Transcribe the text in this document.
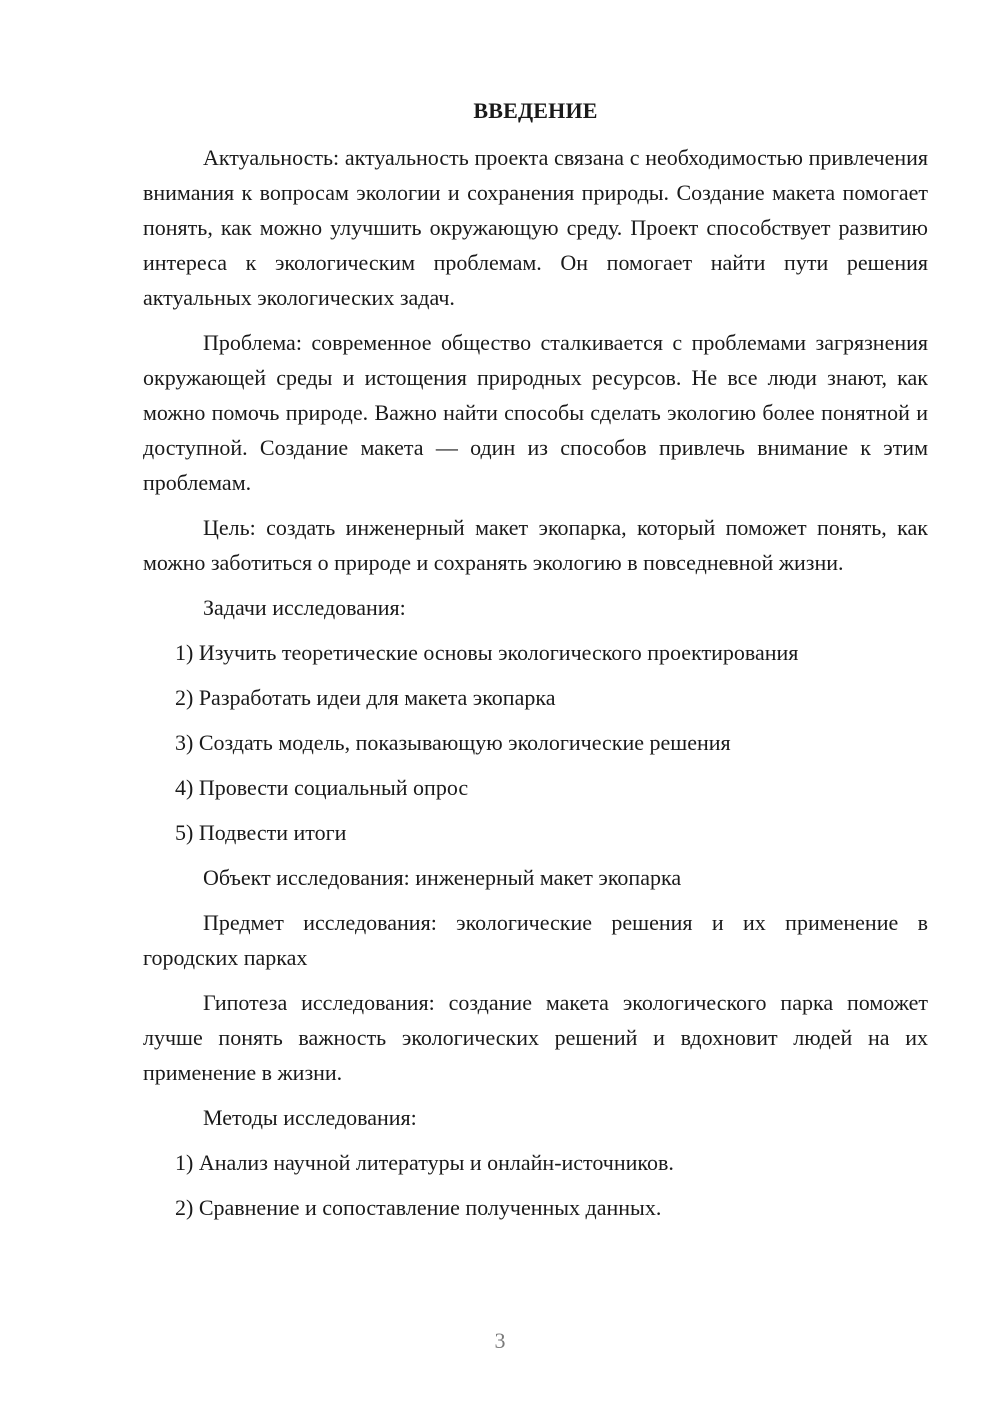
ВВЕДЕНИЕ

Актуальность: актуальность проекта связана с необходимостью привлечения внимания к вопросам экологии и сохранения природы. Создание макета помогает понять, как можно улучшить окружающую среду. Проект способствует развитию интереса к экологическим проблемам. Он помогает найти пути решения актуальных экологических задач.

Проблема: современное общество сталкивается с проблемами загрязнения окружающей среды и истощения природных ресурсов. Не все люди знают, как можно помочь природе. Важно найти способы сделать экологию более понятной и доступной. Создание макета — один из способов привлечь внимание к этим проблемам.

Цель: создать инженерный макет экопарка, который поможет понять, как можно заботиться о природе и сохранять экологию в повседневной жизни.

Задачи исследования:

1) Изучить теоретические основы экологического проектирования
2) Разработать идеи для макета экопарка
3) Создать модель, показывающую экологические решения
4) Провести социальный опрос
5) Подвести итоги

Объект исследования: инженерный макет экопарка

Предмет исследования: экологические решения и их применение в городских парках

Гипотеза исследования: создание макета экологического парка поможет лучше понять важность экологических решений и вдохновит людей на их применение в жизни.

Методы исследования:

1) Анализ научной литературы и онлайн-источников.
2) Сравнение и сопоставление полученных данных.
3
